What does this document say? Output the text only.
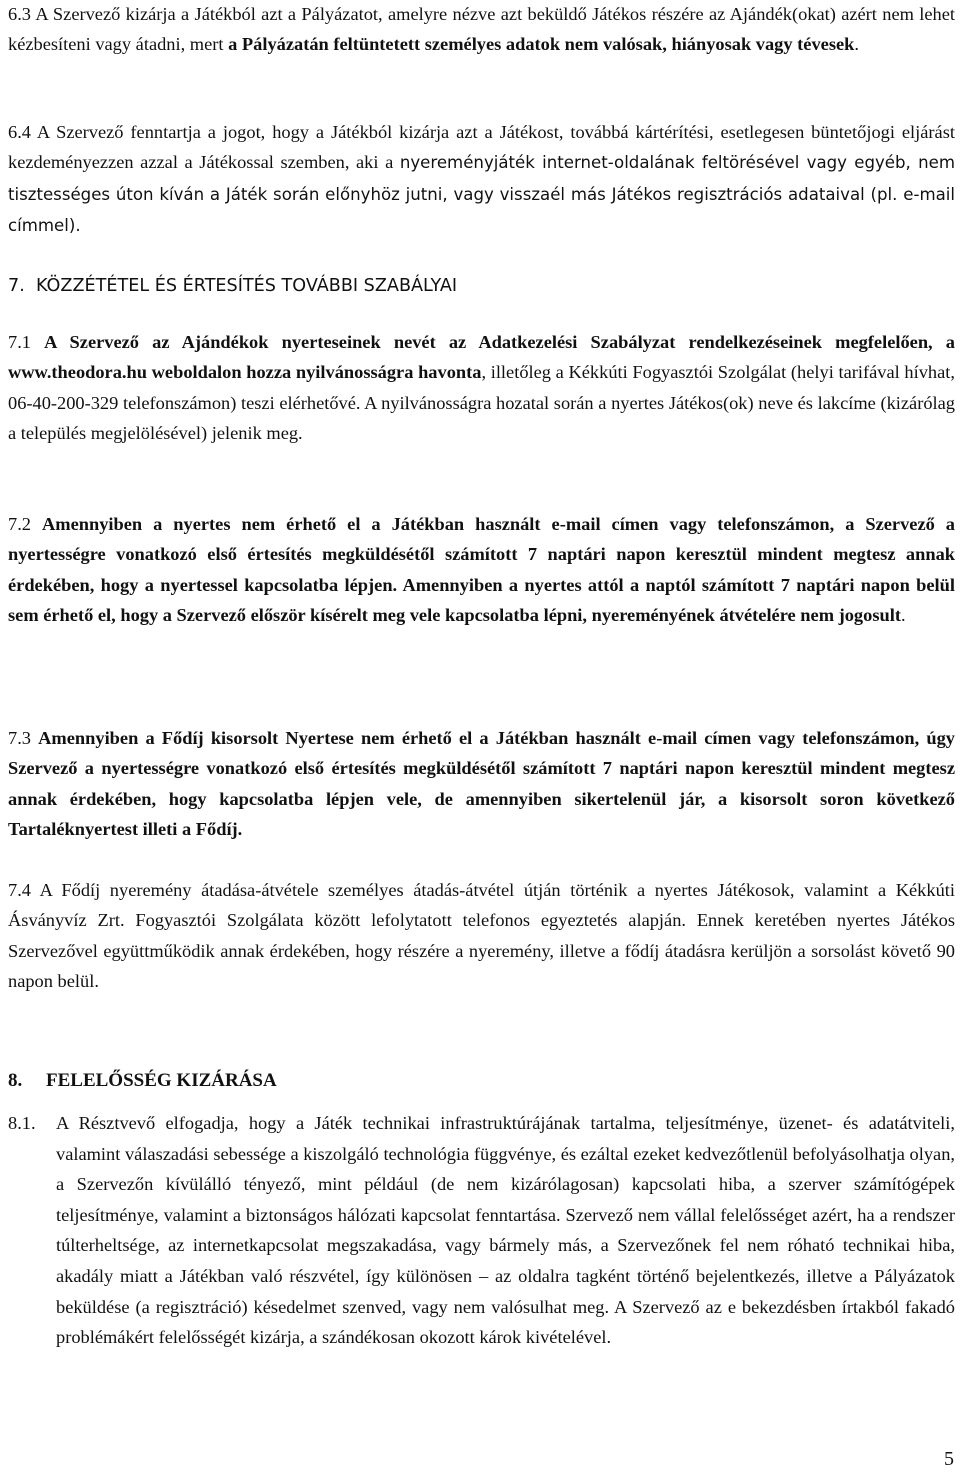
6.3 A Szervező kizárja a Játékból azt a Pályázatot, amelyre nézve azt beküldő Játékos részére az Ajándék(okat) azért nem lehet kézbesíteni vagy átadni, mert a Pályázatán feltüntetett személyes adatok nem valósak, hiányosak vagy tévesek.

6.4 A Szervező fenntartja a jogot, hogy a Játékból kizárja azt a Játékost, továbbá kártérítési, esetlegesen büntetőjogi eljárást kezdeményezzen azzal a Játékossal szemben, aki a nyereményjáték internet-oldalának feltörésével vagy egyéb, nem tisztességes úton kíván a Játék során előnyhöz jutni, vagy visszaél más Játékos regisztrációs adataival (pl. e-mail címmel).

7. KÖZZÉTÉTEL ÉS ÉRTESÍTÉS TOVÁBBI SZABÁLYAI

7.1 A Szervező az Ajándékok nyerteseinek nevét az Adatkezelési Szabályzat rendelkezéseinek megfelelően, a www.theodora.hu weboldalon hozza nyilvánosságra havonta, illetőleg a Kékkúti Fogyasztói Szolgálat (helyi tarifával hívhat, 06-40-200-329 telefonszámon) teszi elérhetővé. A nyilvánosságra hozatal során a nyertes Játékos(ok) neve és lakcíme (kizárólag a település megjelölésével) jelenik meg.

7.2 Amennyiben a nyertes nem érhető el a Játékban használt e-mail címen vagy telefonszámon, a Szervező a nyertességre vonatkozó első értesítés megküldésétől számított 7 naptári napon keresztül mindent megtesz annak érdekében, hogy a nyertessel kapcsolatba lépjen. Amennyiben a nyertes attól a naptól számított 7 naptári napon belül sem érhető el, hogy a Szervező először kísérelt meg vele kapcsolatba lépni, nyereményének átvételére nem jogosult.

7.3 Amennyiben a Fődíj kisorsolt Nyertese nem érhető el a Játékban használt e-mail címen vagy telefonszámon, úgy Szervező a nyertességre vonatkozó első értesítés megküldésétől számított 7 naptári napon keresztül mindent megtesz annak érdekében, hogy kapcsolatba lépjen vele, de amennyiben sikertelenül jár, a kisorsolt soron következő Tartaléknyertest illeti a Fődíj.

7.4 A Fődíj nyeremény átadása-átvétele személyes átadás-átvétel útján történik a nyertes Játékosok, valamint a Kékkúti Ásványvíz Zrt. Fogyasztói Szolgálata között lefolytatott telefonos egyeztetés alapján. Ennek keretében nyertes Játékos Szervezővel együttműködik annak érdekében, hogy részére a nyeremény, illetve a fődíj átadásra kerüljön a sorsolást követő 90 napon belül.

8. FELELŐSSÉG KIZÁRÁSA

8.1. A Résztvevő elfogadja, hogy a Játék technikai infrastruktúrájának tartalma, teljesítménye, üzenet- és adatátviteli, valamint válaszadási sebessége a kiszolgáló technológia függvénye, és ezáltal ezeket kedvezőtlenül befolyásolhatja olyan, a Szervezőn kívülálló tényező, mint például (de nem kizárólagosan) kapcsolati hiba, a szerver számítógépek teljesítménye, valamint a biztonságos hálózati kapcsolat fenntartása. Szervező nem vállal felelősséget azért, ha a rendszer túlterheltsége, az internetkapcsolat megszakadása, vagy bármely más, a Szervezőnek fel nem róható technikai hiba, akadály miatt a Játékban való részvétel, így különösen – az oldalra tagként történő bejelentkezés, illetve a Pályázatok beküldése (a regisztráció) késedelmet szenved, vagy nem valósulhat meg. A Szervező az e bekezdésben írtakból fakadó problémákért felelősségét kizárja, a szándékosan okozott károk kivételével.

5
